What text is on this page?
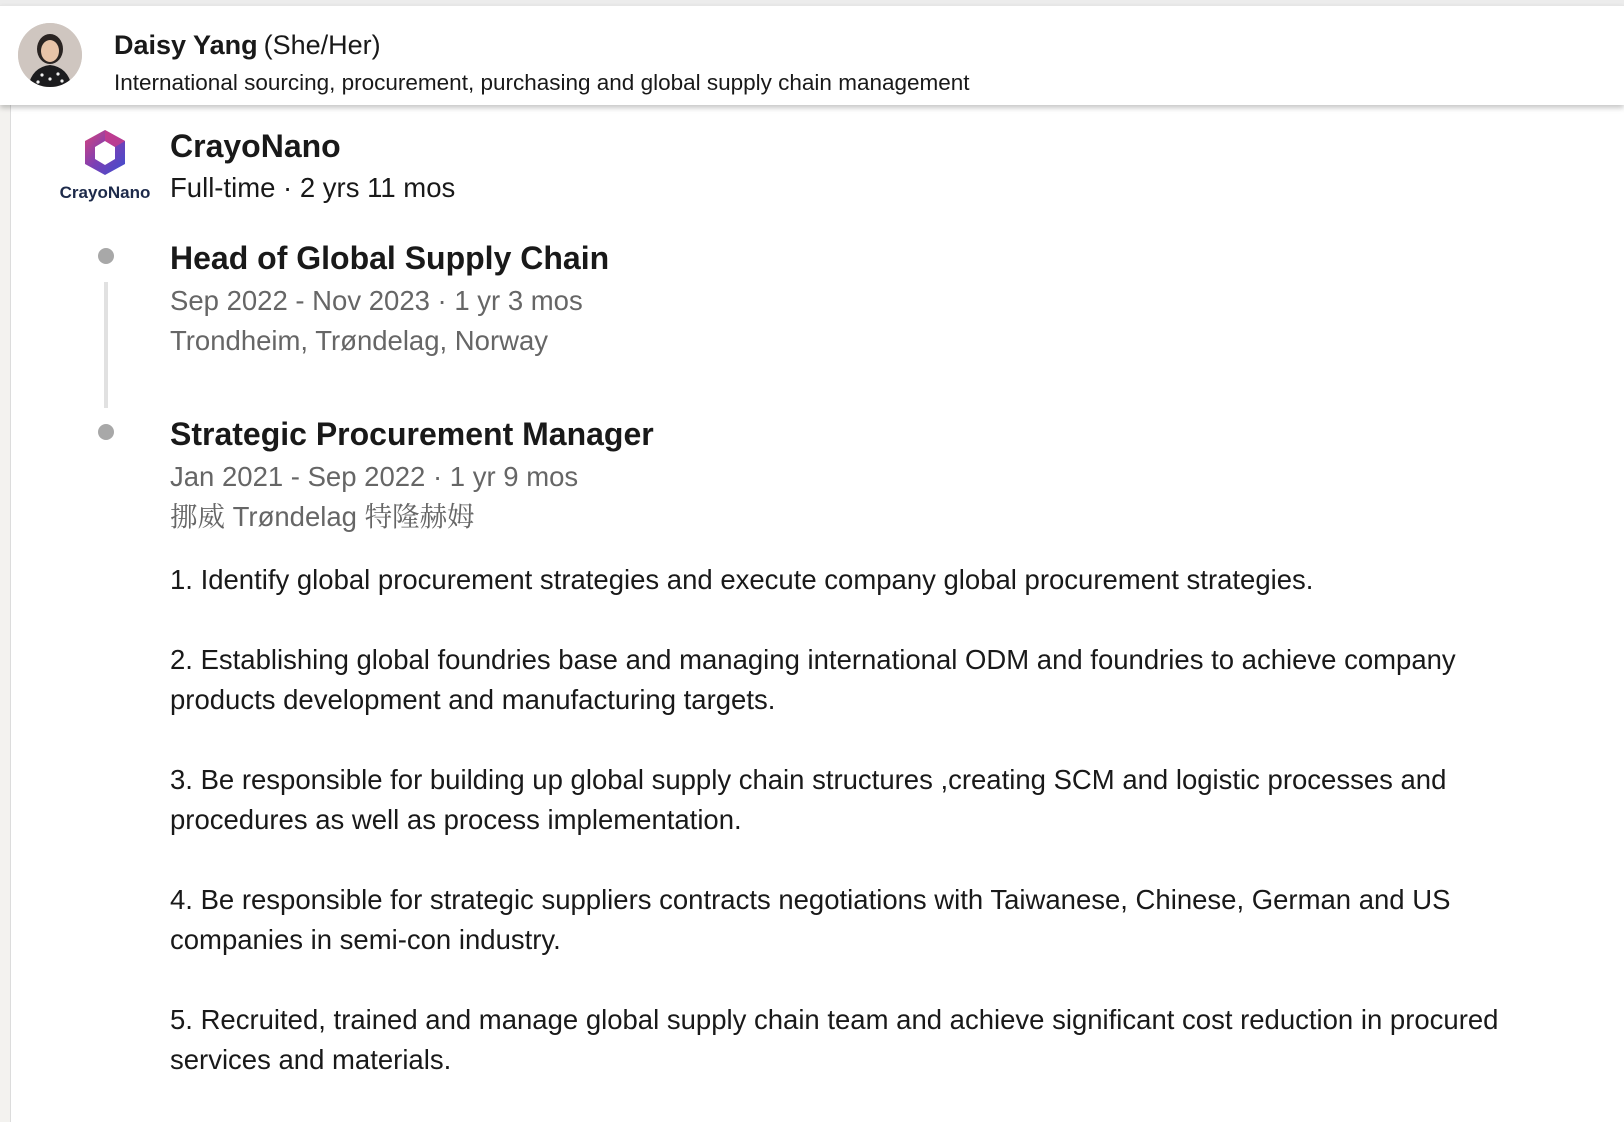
Daisy Yang (She/Her)
International sourcing, procurement, purchasing and global supply chain management
CrayoNano
CrayoNano
Full-time · 2 yrs 11 mos
Head of Global Supply Chain
Sep 2022 - Nov 2023 · 1 yr 3 mos
Trondheim, Trøndelag, Norway
Strategic Procurement Manager
Jan 2021 - Sep 2022 · 1 yr 9 mos
挪威 Trøndelag 特隆赫姆

1. Identify global procurement strategies and execute company global procurement strategies.

2. Establishing global foundries base and managing international ODM and foundries to achieve company products development and manufacturing targets.

3. Be responsible for building up global supply chain structures ,creating SCM and logistic processes and procedures as well as process implementation.

4. Be responsible for strategic suppliers contracts negotiations with Taiwanese, Chinese, German and US companies in semi-con industry.

5. Recruited, trained and manage global supply chain team and achieve significant cost reduction in procured services and materials.
